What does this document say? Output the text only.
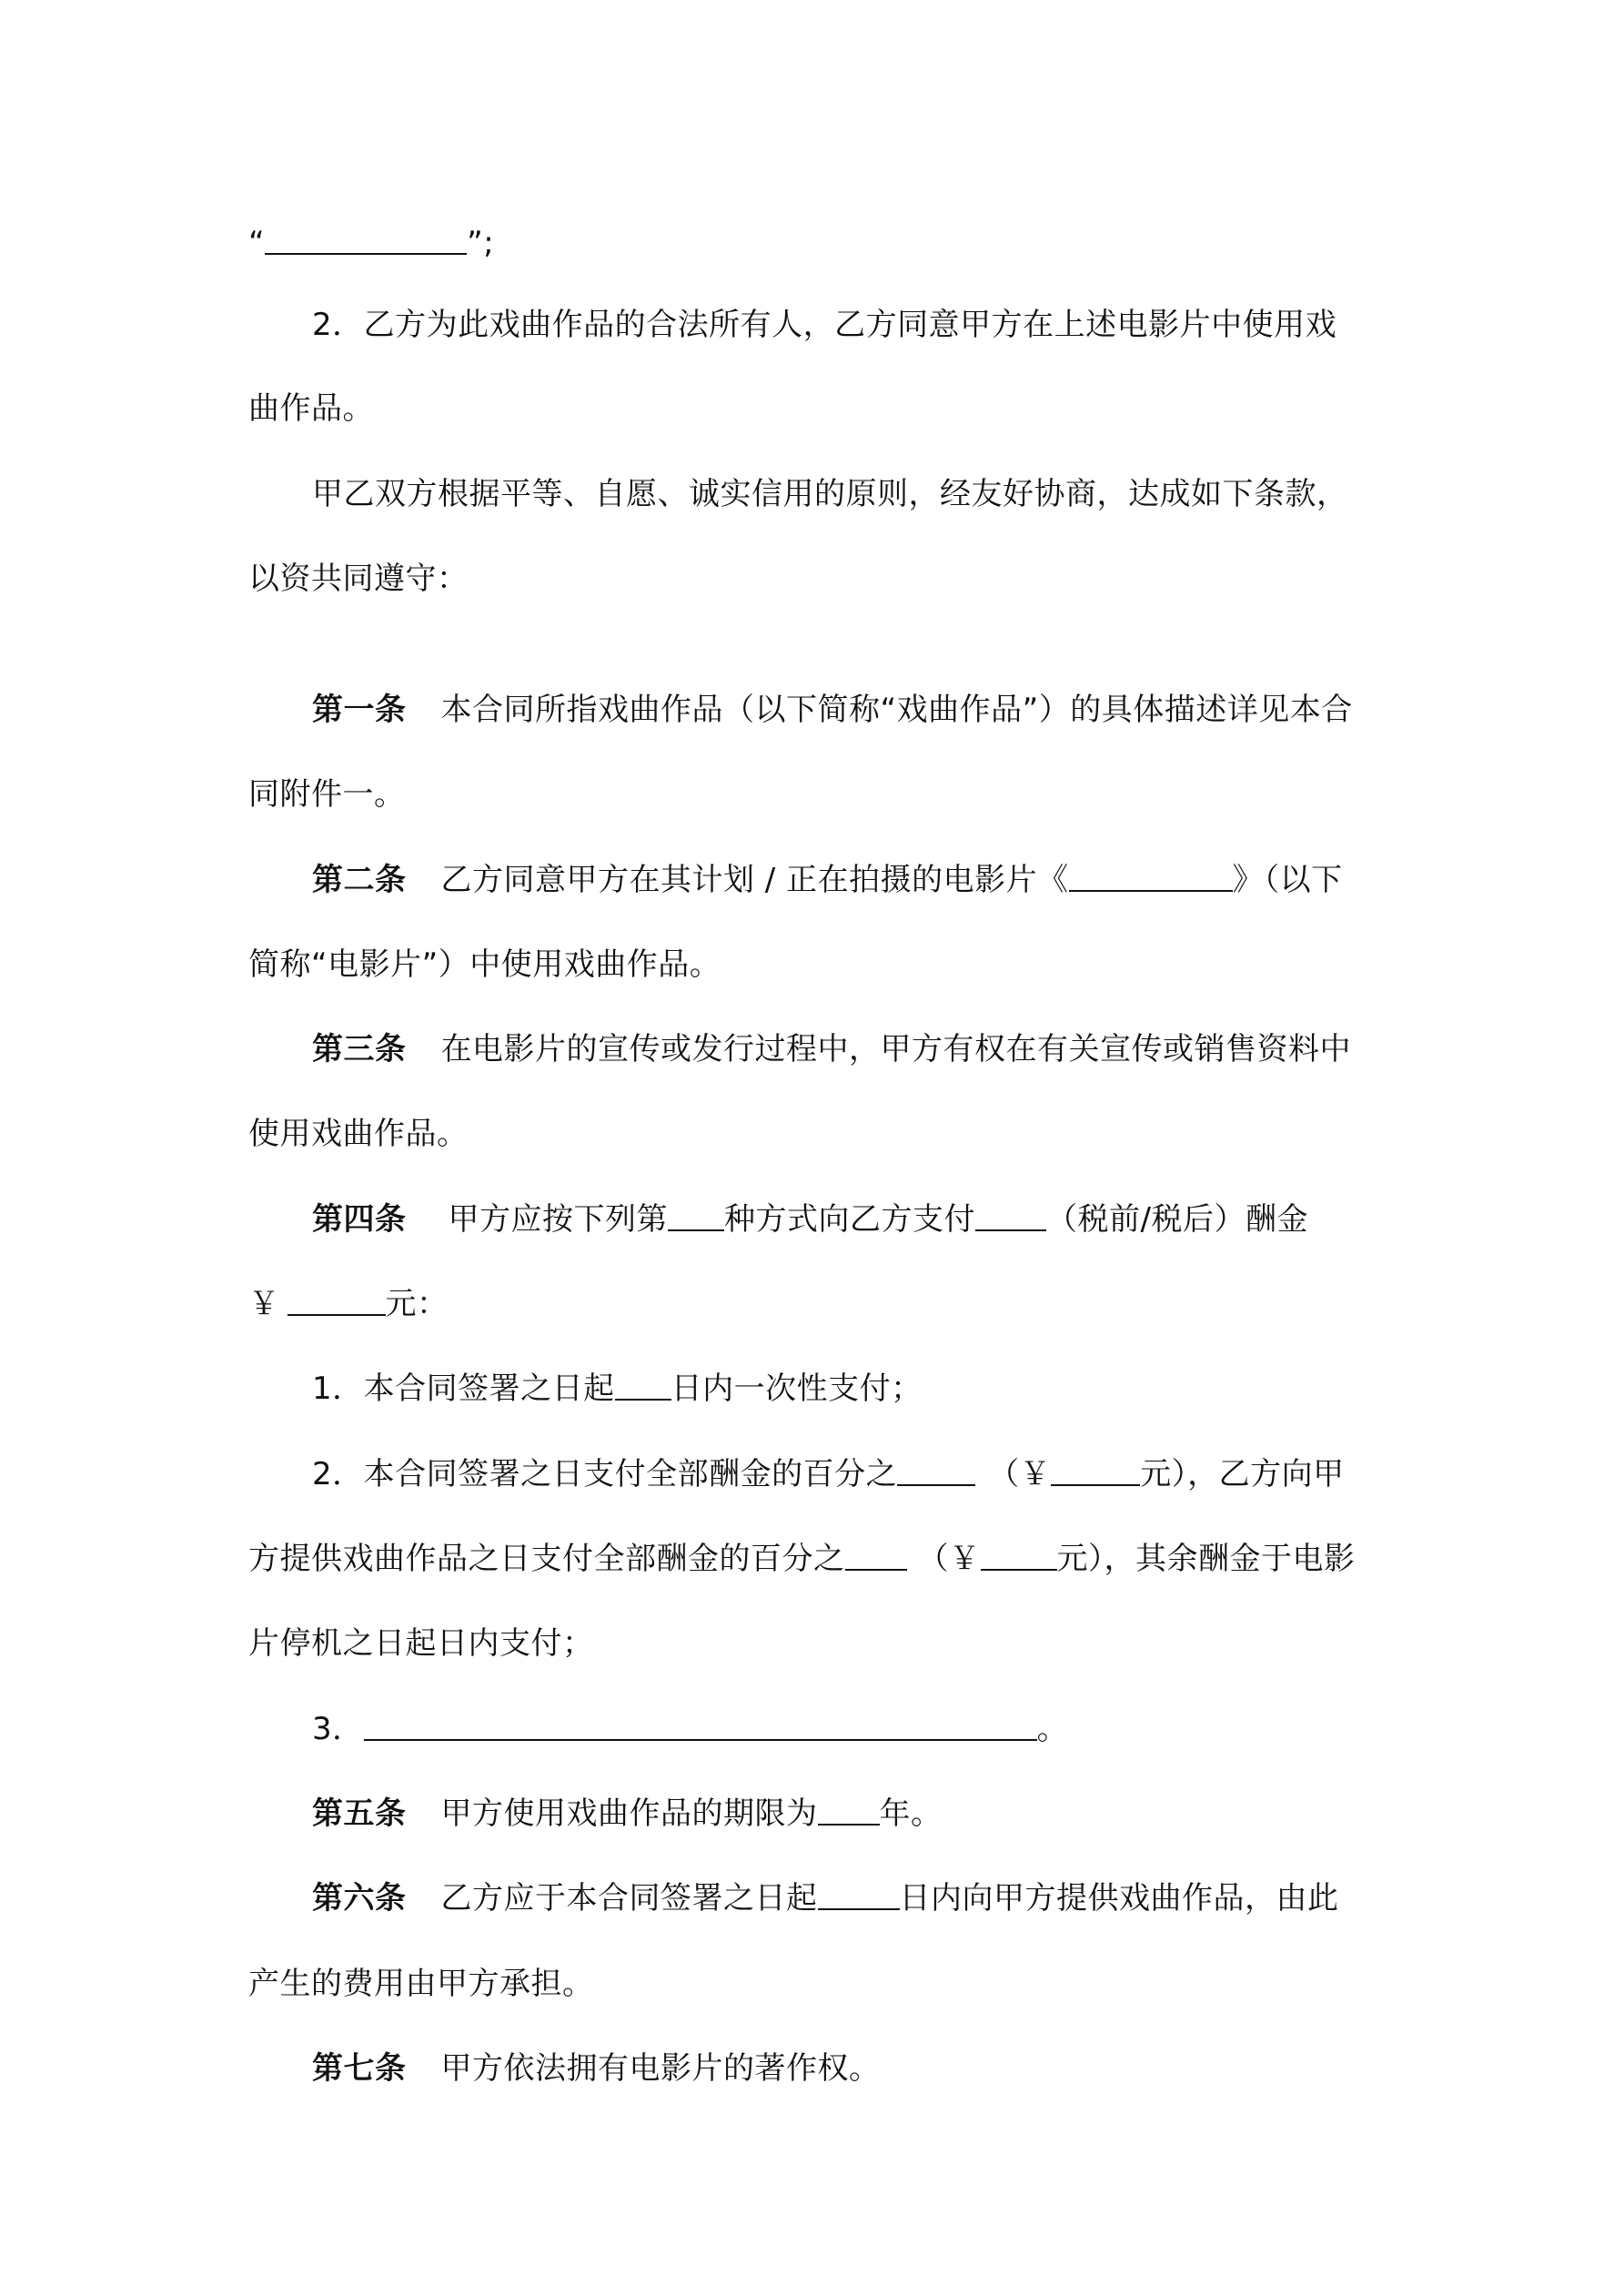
“	”;
2．乙方为此戏曲作品的合法所有人，乙方同意甲方在上述电影片中使用戏
曲作品。
甲乙双方根据平等、自愿、诚实信用的原则，经友好协商，达成如下条款，
以资共同遵守：
第一条 本合同所指戏曲作品（以下简称“戏曲作品”）的具体描述详见本合
同附件一。
第二条 乙方同意甲方在其计划 / 正在拍摄的电影片《	》（以下
简称“电影片”）中使用戏曲作品。
第三条 在电影片的宣传或发行过程中，甲方有权在有关宣传或销售资料中
使用戏曲作品。
第四条 甲方应按下列第 种方式向乙方支付 （税前/税后）酬金
￥	元：
1．本合同签署之日起 日内一次性支付；
2．本合同签署之日支付全部酬金的百分之	（￥	元），乙方向甲
方提供戏曲作品之日支付全部酬金的百分之 （￥ 元），其余酬金于电影
片停机之日起日内支付；
3．	。
第五条 甲方使用戏曲作品的期限为 年。
第六条 乙方应于本合同签署之日起	日内向甲方提供戏曲作品，由此
产生的费用由甲方承担。
第七条 甲方依法拥有电影片的著作权。
